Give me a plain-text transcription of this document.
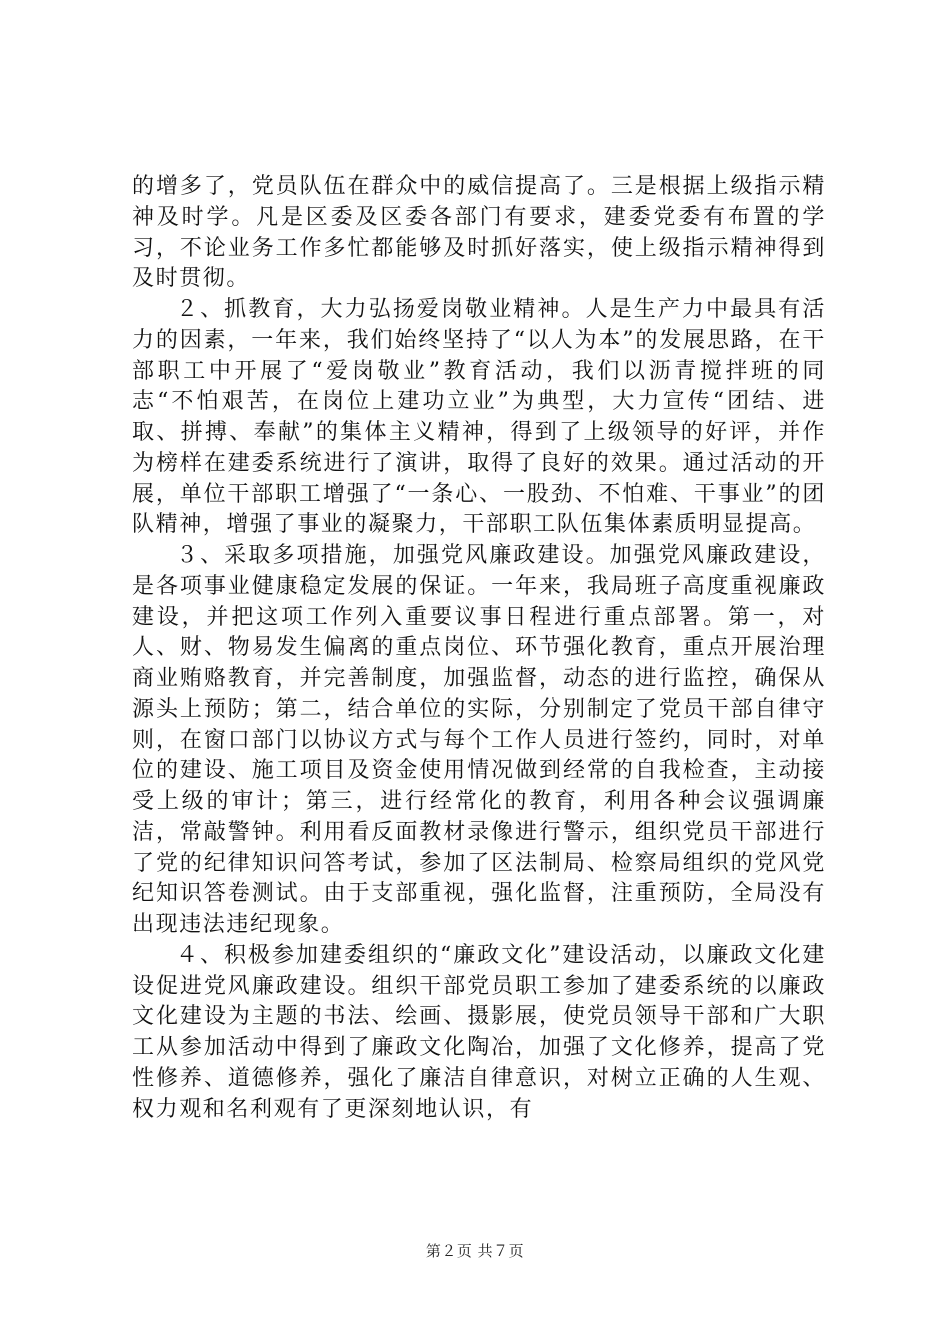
的增多了，党员队伍在群众中的威信提高了。三是根据上级指示精神及时学。凡是区委及区委各部门有要求，建委党委有布置的学习，不论业务工作多忙都能够及时抓好落实，使上级指示精神得到及时贯彻。

２、抓教育，大力弘扬爱岗敬业精神。人是生产力中最具有活力的因素，一年来，我们始终坚持了“以人为本”的发展思路，在干部职工中开展了“爱岗敬业”教育活动，我们以沥青搅拌班的同志“不怕艰苦，在岗位上建功立业”为典型，大力宣传“团结、进取、拼搏、奉献”的集体主义精神，得到了上级领导的好评，并作为榜样在建委系统进行了演讲，取得了良好的效果。通过活动的开展，单位干部职工增强了“一条心、一股劲、不怕难、干事业”的团队精神，增强了事业的凝聚力，干部职工队伍集体素质明显提高。

３、采取多项措施，加强党风廉政建设。加强党风廉政建设，是各项事业健康稳定发展的保证。一年来，我局班子高度重视廉政建设，并把这项工作列入重要议事日程进行重点部署。第一，对人、财、物易发生偏离的重点岗位、环节强化教育，重点开展治理商业贿赂教育，并完善制度，加强监督，动态的进行监控，确保从源头上预防；第二，结合单位的实际，分别制定了党员干部自律守则，在窗口部门以协议方式与每个工作人员进行签约，同时，对单位的建设、施工项目及资金使用情况做到经常的自我检查，主动接受上级的审计；第三，进行经常化的教育，利用各种会议强调廉洁，常敲警钟。利用看反面教材录像进行警示，组织党员干部进行了党的纪律知识问答考试，参加了区法制局、检察局组织的党风党纪知识答卷测试。由于支部重视，强化监督，注重预防，全局没有出现违法违纪现象。

４、积极参加建委组织的“廉政文化”建设活动，以廉政文化建设促进党风廉政建设。组织干部党员职工参加了建委系统的以廉政文化建设为主题的书法、绘画、摄影展，使党员领导干部和广大职工从参加活动中得到了廉政文化陶冶，加强了文化修养，提高了党性修养、道德修养，强化了廉洁自律意识，对树立正确的人生观、权力观和名利观有了更深刻地认识，有

第２页 共７页
